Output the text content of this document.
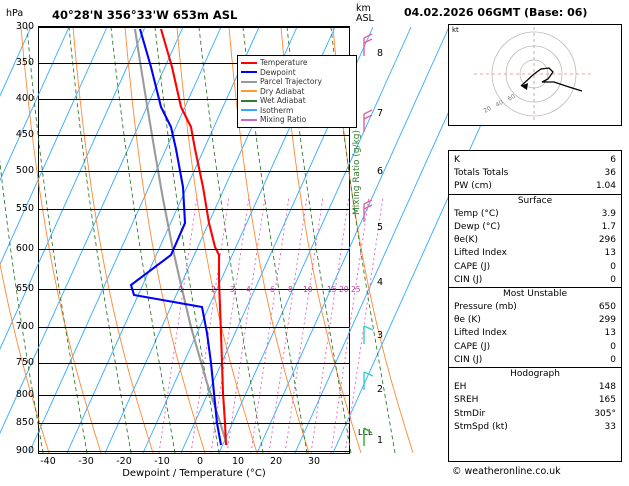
hPa	40°28'N 356°33'W 653m ASL	km
ASL
1	2 3 4	6 8 10 15 20 25
Temperature
Dewpoint
Parcel Trajectory
Dry Adiabat
Wet Adiabat
Isotherm
Mixing Ratio
300
350
400
450
500
550
600
650
700
750
800
850
900
1
2
3
4
5
6
7
8
LCL
-40 -30 -20 -10	0	10	20	30
Dewpoint / Temperature (°C)
Mixing Ratio (g/kg)
04.02.2026 06GMT (Base: 06)
kt
20
40
60
K	6
Totals Totals	36
PW (cm)	1.04
Surface
Temp (°C)	3.9
Dewp (°C)	1.7
θe(K)	296
Lifted Index	13
CAPE (J)	0
CIN (J)	0
Most Unstable
Pressure (mb)	650
θe (K)	299
Lifted Index	13
CAPE (J)	0
CIN (J)	0
Hodograph
EH	148
SREH	165
StmDir	305°
StmSpd (kt)	33
© weatheronline.co.uk
